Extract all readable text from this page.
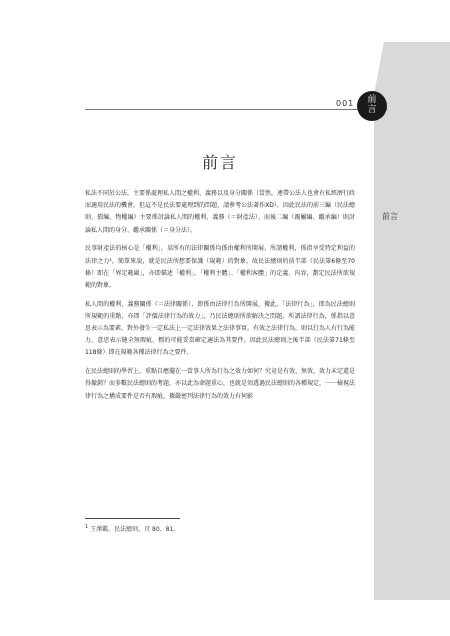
001	前
言
前言
前言

私法不同於公法，主要係處理私人間之權利、義務以及身分關係（當然，連帶公法人也會有私經濟行政而適用民法的機會，但這不是民法要處理到的問題，請參考公法著作XD）。因此民法的前三編（民法總則、債編、物權編）主要係討論私人間的權利、義務（＝財產法），而後二編（親屬編、繼承編）則討論私人間的身分、繼承關係（＝身分法）。

民事財產法的核心是「權利」。某所有的法律關係均係由權利所開展。所謂權利，係指享受特定利益的法律之力¹，簡單來說，就是民法所想要保護（規範）的對象。故民法總則的前半部（民法第6條至70條）即在「界定範圍」，亦即描述「權利」、「權利主體」、「權利客體」的定義、內容，劃定民法所欲規範的對象。

私人間的權利、義務關係（＝法律關係），即係由法律行為所開展，據此，「法律行為」，即為民法總則所規範的重點，亦即「評價法律行為的效力」，乃民法總則所欲解決之問題。所謂法律行為，係指以意思表示為要素，對外發生一定私法上一定法律效果之法律事實。有效之法律行為，則以行為人有行為能力、意思表示健全無瑕疵、標的可能妥當確定適法為其要件。因此民法總則之後半部（民法第71條至118條）即在規範各種法律行為之要件。

在民法總則的學習上，重點自應擺在一當事人所為行為之效力如何？究竟是有效、無效、效力未定還是得撤銷？而多數民法總則的考題，亦以此為命題重心，也就是須透過民法總則的各種規定，一一檢視法律行為之構成要件是否有瑕疵，據嚴密判法律行為的效力有何影

$^1$ 王澤鑑，民法總則，頁 80、81。
